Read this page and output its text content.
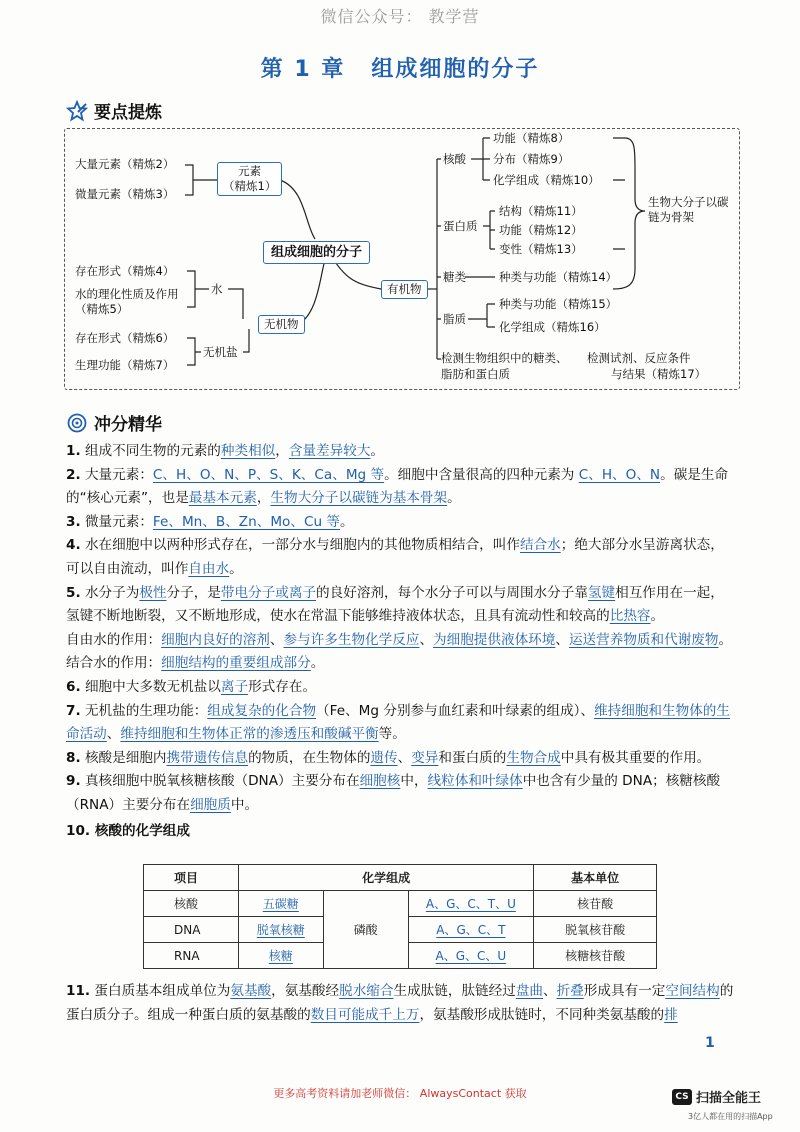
微信公众号： 教学营
第 1 章 组成细胞的分子
要点提炼
大量元素（精炼2）
微量元素（精炼3）
元素
（精炼1）
组成细胞的分子
存在形式（精炼4）
水的理化性质及作用（精炼5）
水
无机物
存在形式（精炼6）
生理功能（精炼7）
无机盐
有机物
核酸
功能（精炼8）
分布（精炼9）
化学组成（精炼10）
蛋白质
结构（精炼11）
功能（精炼12）
变性（精炼13）
糖类	种类与功能（精炼14）
脂质
种类与功能（精炼15）
化学组成（精炼16）
生物大分子以碳链为骨架
检测生物组织中的糖类、
脂肪和蛋白质
检测试剂、反应条件
与结果（精炼17）
冲分精华

1. 组成不同生物的元素的种类相似，含量差异较大。

2. 大量元素：C、H、O、N、P、S、K、Ca、Mg 等。细胞中含量很高的四种元素为 C、H、O、N。碳是生命的“核心元素”，也是最基本元素，生物大分子以碳链为基本骨架。

3. 微量元素：Fe、Mn、B、Zn、Mo、Cu 等。

4. 水在细胞中以两种形式存在，一部分水与细胞内的其他物质相结合，叫作结合水；绝大部分水呈游离状态，可以自由流动，叫作自由水。

5. 水分子为极性分子，是带电分子或离子的良好溶剂，每个水分子可以与周围水分子靠氢键相互作用在一起，氢键不断地断裂，又不断地形成，使水在常温下能够维持液体状态，且具有流动性和较高的比热容。

自由水的作用：细胞内良好的溶剂、参与许多生物化学反应、为细胞提供液体环境、运送营养物质和代谢废物。

结合水的作用：细胞结构的重要组成部分。

6. 细胞中大多数无机盐以离子形式存在。

7. 无机盐的生理功能：组成复杂的化合物（Fe、Mg 分别参与血红素和叶绿素的组成）、维持细胞和生物体的生命活动、维持细胞和生物体正常的渗透压和酸碱平衡等。

8. 核酸是细胞内携带遗传信息的物质，在生物体的遗传、变异和蛋白质的生物合成中具有极其重要的作用。

9. 真核细胞中脱氧核糖核酸（DNA）主要分布在细胞核中，线粒体和叶绿体中也含有少量的 DNA；核糖核酸（RNA）主要分布在细胞质中。

10. 核酸的化学组成

项目	化学组成			基本单位
核酸	五碳糖	磷酸	A、G、C、T、U	核苷酸
DNA	脱氧核糖		A、G、C、T	脱氧核苷酸
RNA	核糖		A、G、C、U	核糖核苷酸
11. 蛋白质基本组成单位为氨基酸，氨基酸经脱水缩合生成肽链，肽链经过盘曲、折叠形成具有一定空间结构的蛋白质分子。组成一种蛋白质的氨基酸的数目可能成千上万，氨基酸形成肽链时，不同种类氨基酸的排
1
更多高考资料请加老师微信： AlwaysContact 获取	CS 扫描全能王
3亿人都在用的扫描App
